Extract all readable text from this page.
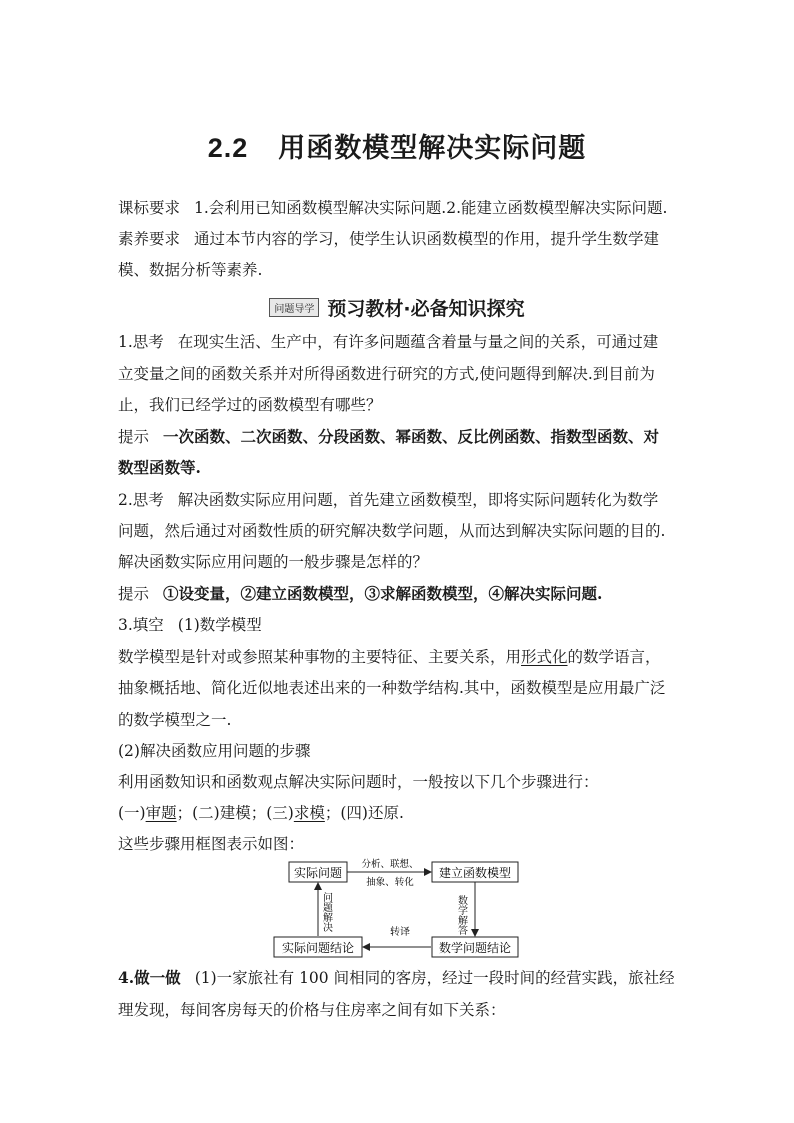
2.2 用函数模型解决实际问题
课标要求 1.会利用已知函数模型解决实际问题.2.能建立函数模型解决实际问题.
素养要求 通过本节内容的学习，使学生认识函数模型的作用，提升学生数学建
模、数据分析等素养.
问题导学 预习教材·必备知识探究
1.思考 在现实生活、生产中，有许多问题蕴含着量与量之间的关系，可通过建
立变量之间的函数关系并对所得函数进行研究的方式,使问题得到解决.到目前为
止，我们已经学过的函数模型有哪些？
提示 一次函数、二次函数、分段函数、幂函数、反比例函数、指数型函数、对
数型函数等.
2.思考 解决函数实际应用问题，首先建立函数模型，即将实际问题转化为数学
问题，然后通过对函数性质的研究解决数学问题，从而达到解决实际问题的目的.
解决函数实际应用问题的一般步骤是怎样的？
提示 ①设变量，②建立函数模型，③求解函数模型，④解决实际问题.
3.填空 (1)数学模型
数学模型是针对或参照某种事物的主要特征、主要关系，用形式化的数学语言，
抽象概括地、简化近似地表述出来的一种数学结构.其中，函数模型是应用最广泛
的数学模型之一.
(2)解决函数应用问题的步骤
利用函数知识和函数观点解决实际问题时，一般按以下几个步骤进行：
(一)审题；(二)建模；(三)求模；(四)还原.
这些步骤用框图表示如图：
实际问题	建立函数模型
实际问题结论	数学问题结论
分析、联想、
抽象、转化
数学解答
转译
问题解决
4.做一做 (1)一家旅社有 100 间相同的客房，经过一段时间的经营实践，旅社经
理发现，每间客房每天的价格与住房率之间有如下关系：
